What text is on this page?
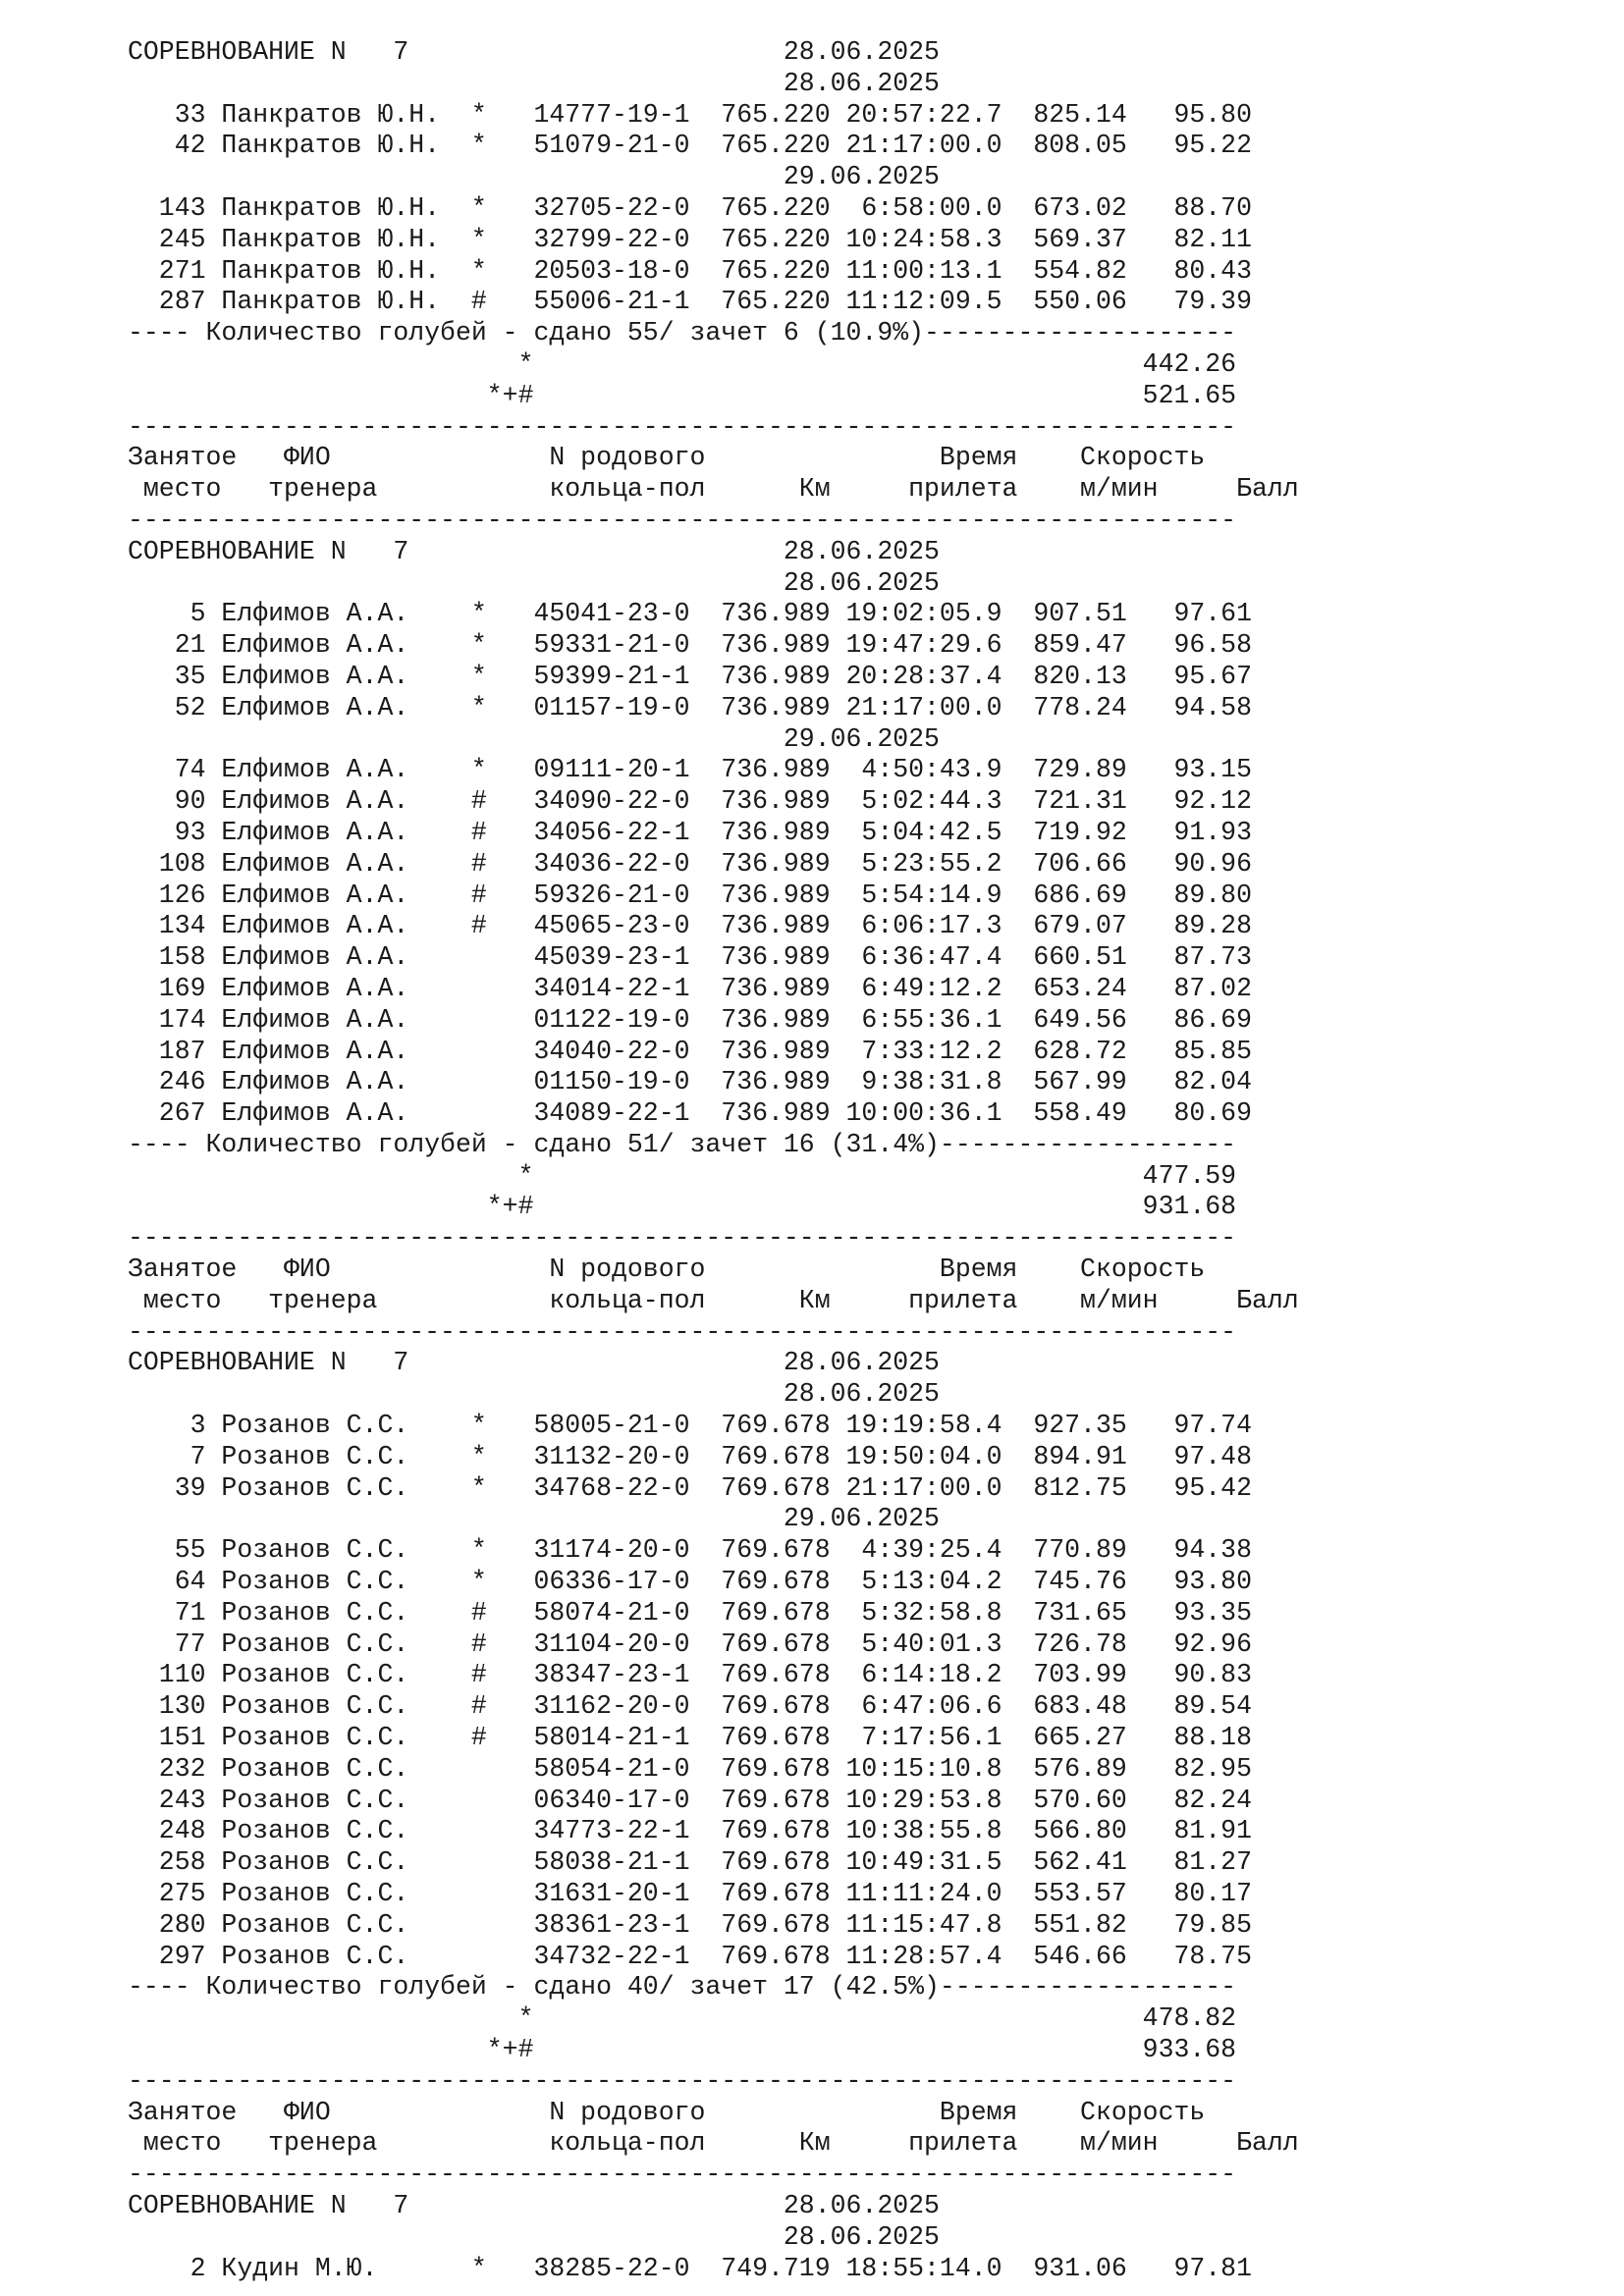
СОРЕВНОВАНИЕ N   7                        28.06.2025
28.06.2025
33 Панкратов Ю.Н.  *   14777-19-1  765.220 20:57:22.7  825.14   95.80
42 Панкратов Ю.Н.  *   51079-21-0  765.220 21:17:00.0  808.05   95.22
29.06.2025
143 Панкратов Ю.Н.  *   32705-22-0  765.220  6:58:00.0  673.02   88.70
245 Панкратов Ю.Н.  *   32799-22-0  765.220 10:24:58.3  569.37   82.11
271 Панкратов Ю.Н.  *   20503-18-0  765.220 11:00:13.1  554.82   80.43
287 Панкратов Ю.Н.  #   55006-21-1  765.220 11:12:09.5  550.06   79.39
---- Количество голубей - сдано 55/ зачет 6 (10.9%)--------------------
*                                       442.26
*+#                                       521.65
-----------------------------------------------------------------------
Занятое   ФИО              N родового               Время    Скорость
место   тренера           кольца-пол      Км     прилета    м/мин     Балл
-----------------------------------------------------------------------
СОРЕВНОВАНИЕ N   7                        28.06.2025
28.06.2025
5 Елфимов А.А.    *   45041-23-0  736.989 19:02:05.9  907.51   97.61
21 Елфимов А.А.    *   59331-21-0  736.989 19:47:29.6  859.47   96.58
35 Елфимов А.А.    *   59399-21-1  736.989 20:28:37.4  820.13   95.67
52 Елфимов А.А.    *   01157-19-0  736.989 21:17:00.0  778.24   94.58
29.06.2025
74 Елфимов А.А.    *   09111-20-1  736.989  4:50:43.9  729.89   93.15
90 Елфимов А.А.    #   34090-22-0  736.989  5:02:44.3  721.31   92.12
93 Елфимов А.А.    #   34056-22-1  736.989  5:04:42.5  719.92   91.93
108 Елфимов А.А.    #   34036-22-0  736.989  5:23:55.2  706.66   90.96
126 Елфимов А.А.    #   59326-21-0  736.989  5:54:14.9  686.69   89.80
134 Елфимов А.А.    #   45065-23-0  736.989  6:06:17.3  679.07   89.28
158 Елфимов А.А.        45039-23-1  736.989  6:36:47.4  660.51   87.73
169 Елфимов А.А.        34014-22-1  736.989  6:49:12.2  653.24   87.02
174 Елфимов А.А.        01122-19-0  736.989  6:55:36.1  649.56   86.69
187 Елфимов А.А.        34040-22-0  736.989  7:33:12.2  628.72   85.85
246 Елфимов А.А.        01150-19-0  736.989  9:38:31.8  567.99   82.04
267 Елфимов А.А.        34089-22-1  736.989 10:00:36.1  558.49   80.69
---- Количество голубей - сдано 51/ зачет 16 (31.4%)-------------------
*                                       477.59
*+#                                       931.68
-----------------------------------------------------------------------
Занятое   ФИО              N родового               Время    Скорость
место   тренера           кольца-пол      Км     прилета    м/мин     Балл
-----------------------------------------------------------------------
СОРЕВНОВАНИЕ N   7                        28.06.2025
28.06.2025
3 Розанов С.С.    *   58005-21-0  769.678 19:19:58.4  927.35   97.74
7 Розанов С.С.    *   31132-20-0  769.678 19:50:04.0  894.91   97.48
39 Розанов С.С.    *   34768-22-0  769.678 21:17:00.0  812.75   95.42
29.06.2025
55 Розанов С.С.    *   31174-20-0  769.678  4:39:25.4  770.89   94.38
64 Розанов С.С.    *   06336-17-0  769.678  5:13:04.2  745.76   93.80
71 Розанов С.С.    #   58074-21-0  769.678  5:32:58.8  731.65   93.35
77 Розанов С.С.    #   31104-20-0  769.678  5:40:01.3  726.78   92.96
110 Розанов С.С.    #   38347-23-1  769.678  6:14:18.2  703.99   90.83
130 Розанов С.С.    #   31162-20-0  769.678  6:47:06.6  683.48   89.54
151 Розанов С.С.    #   58014-21-1  769.678  7:17:56.1  665.27   88.18
232 Розанов С.С.        58054-21-0  769.678 10:15:10.8  576.89   82.95
243 Розанов С.С.        06340-17-0  769.678 10:29:53.8  570.60   82.24
248 Розанов С.С.        34773-22-1  769.678 10:38:55.8  566.80   81.91
258 Розанов С.С.        58038-21-1  769.678 10:49:31.5  562.41   81.27
275 Розанов С.С.        31631-20-1  769.678 11:11:24.0  553.57   80.17
280 Розанов С.С.        38361-23-1  769.678 11:15:47.8  551.82   79.85
297 Розанов С.С.        34732-22-1  769.678 11:28:57.4  546.66   78.75
---- Количество голубей - сдано 40/ зачет 17 (42.5%)-------------------
*                                       478.82
*+#                                       933.68
-----------------------------------------------------------------------
Занятое   ФИО              N родового               Время    Скорость
место   тренера           кольца-пол      Км     прилета    м/мин     Балл
-----------------------------------------------------------------------
СОРЕВНОВАНИЕ N   7                        28.06.2025
28.06.2025
2 Кудин М.Ю.      *   38285-22-0  749.719 18:55:14.0  931.06   97.81
